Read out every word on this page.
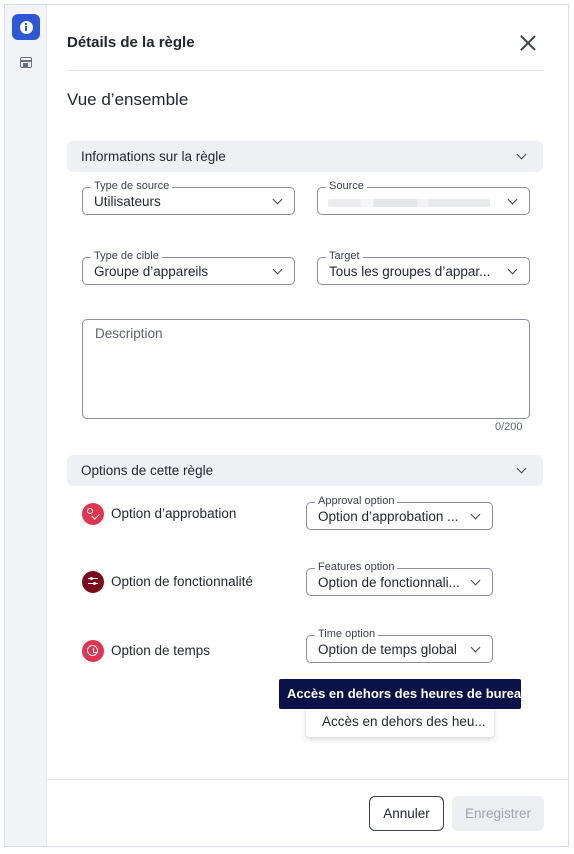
Détails de la règle
Vue d’ensemble
Informations sur la règle
Type de source
Utilisateurs
Source
Type de cible
Groupe d’appareils
Target
Tous les groupes d’appar...
Description
0/200
Options de cette règle
Option d’approbation
Approval option
Option d’approbation ...
Option de fonctionnalité
Features option
Option de fonctionnali...
Option de temps
Time option
Option de temps global
Accès en dehors des heu...
Accès en dehors des heures de bureau
Annuler	Enregistrer
